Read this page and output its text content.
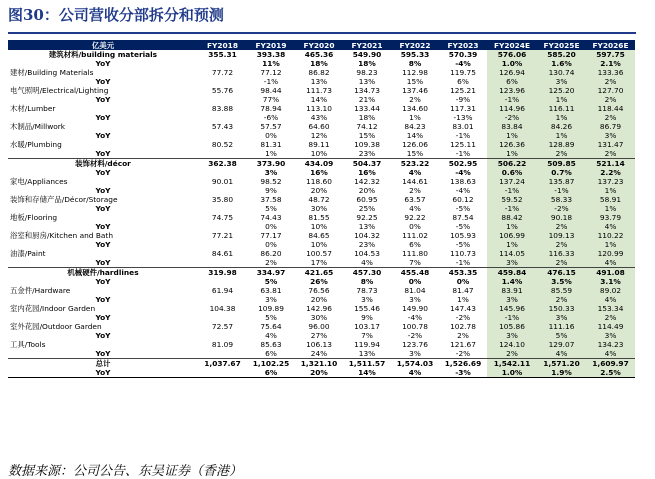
图30：公司营收分部拆分和预测
亿美元	FY2018	FY2019	FY2020	FY2021	FY2022	FY2023	FY2024E	FY2025E	FY2026E
建筑材料/building materials	355.31	393.38	465.36	549.90	595.33	570.39	576.06	585.20	597.75
YoY		11%	18%	18%	8%	-4%	1.0%	1.6%	2.1%
建材/Building Materials	77.72	77.12	86.82	98.23	112.98	119.75	126.94	130.74	133.36
YoY		-1%	13%	13%	15%	6%	6%	3%	2%
电气照明/Electrical/Lighting	55.76	98.44	111.73	134.73	137.46	125.21	123.96	125.20	127.70
YoY		77%	14%	21%	2%	-9%	-1%	1%	2%
木材/Lumber	83.88	78.94	113.10	133.44	134.60	117.31	114.96	116.11	118.44
YoY		-6%	43%	18%	1%	-13%	-2%	1%	2%
木制品/Millwork	57.43	57.57	64.60	74.12	84.23	83.01	83.84	84.26	86.79
YoY		0%	12%	15%	14%	-1%	1%	1%	3%
水暖/Plumbing	80.52	81.31	89.11	109.38	126.06	125.11	126.36	128.89	131.47
YoY		1%	10%	23%	15%	-1%	1%	2%	2%
装饰材料/décor	362.38	373.90	434.09	504.37	523.22	502.95	506.22	509.85	521.14
YoY		3%	16%	16%	4%	-4%	0.6%	0.7%	2.2%
家电/Appliances	90.01	98.52	118.60	142.32	144.61	138.63	137.24	135.87	137.23
YoY		9%	20%	20%	2%	-4%	-1%	-1%	1%
装饰和存储产品/Décor/Storage	35.80	37.58	48.72	60.95	63.57	60.12	59.52	58.33	58.91
YoY		5%	30%	25%	4%	-5%	-1%	-2%	1%
地板/Flooring	74.75	74.43	81.55	92.25	92.22	87.54	88.42	90.18	93.79
YoY		0%	10%	13%	0%	-5%	1%	2%	4%
浴室和厨房/Kitchen and Bath	77.21	77.17	84.65	104.32	111.02	105.93	106.99	109.13	110.22
YoY		0%	10%	23%	6%	-5%	1%	2%	1%
油漆/Paint	84.61	86.20	100.57	104.53	111.80	110.73	114.05	116.33	120.99
YoY		2%	17%	4%	7%	-1%	3%	2%	4%
机械硬件/hardlines	319.98	334.97	421.65	457.30	455.48	453.35	459.84	476.15	491.08
YoY		5%	26%	8%	0%	0%	1.4%	3.5%	3.1%
五金件/Hardware	61.94	63.81	76.56	78.73	81.04	81.47	83.91	85.59	89.02
YoY		3%	20%	3%	3%	1%	3%	2%	4%
室内花园/Indoor Garden	104.38	109.89	142.96	155.46	149.90	147.43	145.96	150.33	153.34
YoY		5%	30%	9%	-4%	-2%	-1%	3%	2%
室外花园/Outdoor Garden	72.57	75.64	96.00	103.17	100.78	102.78	105.86	111.16	114.49
YoY		4%	27%	7%	-2%	2%	3%	5%	3%
工具/Tools	81.09	85.63	106.13	119.94	123.76	121.67	124.10	129.07	134.23
YoY		6%	24%	13%	3%	-2%	2%	4%	4%
总计	1,037.67	1,102.25	1,321.10	1,511.57	1,574.03	1,526.69	1,542.11	1,571.20	1,609.97
YoY		6%	20%	14%	4%	-3%	1.0%	1.9%	2.5%
数据来源：公司公告、东吴证券（香港）
